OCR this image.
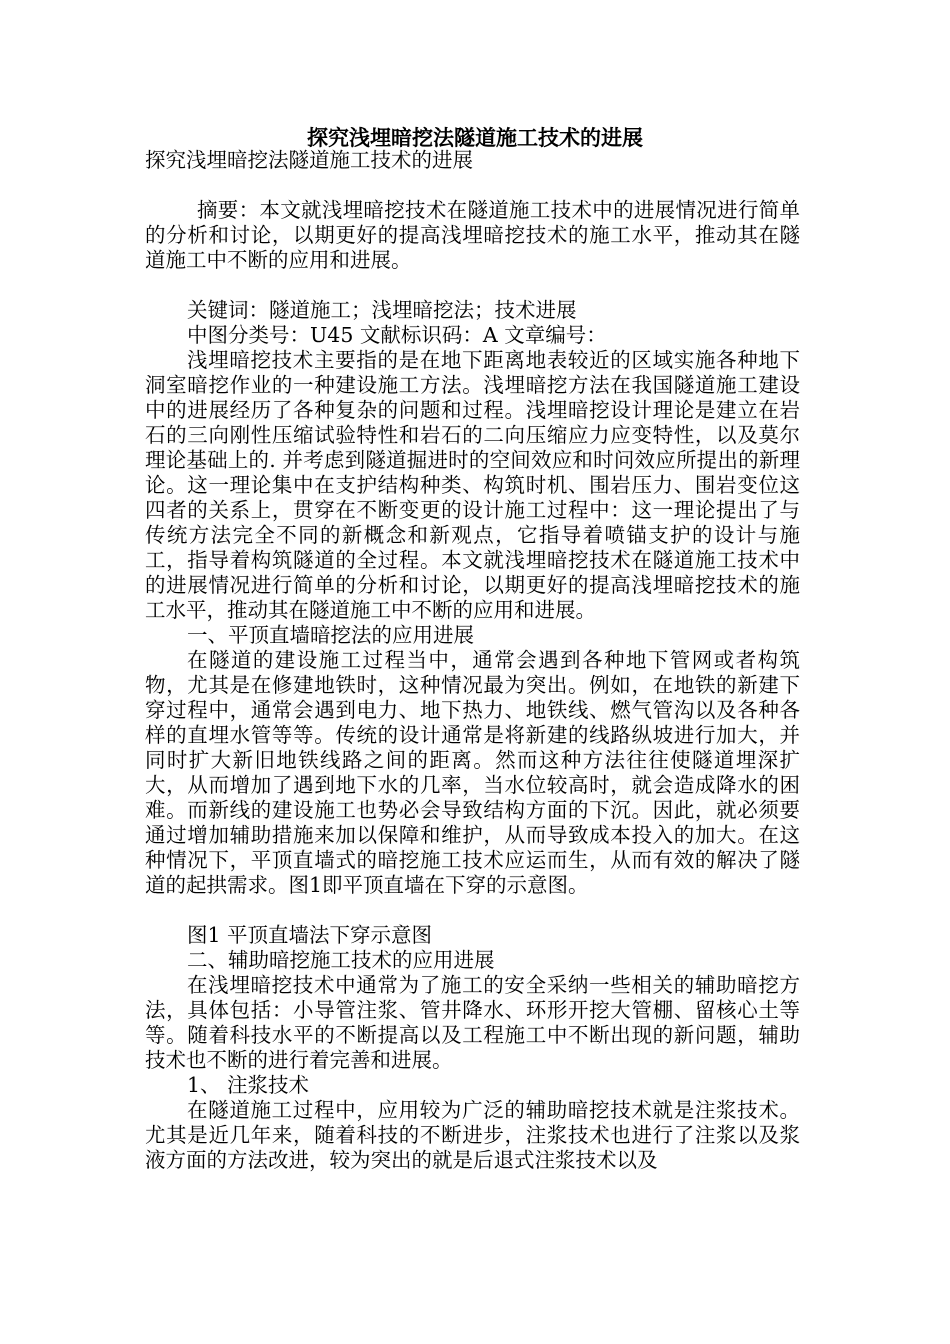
探究浅埋暗挖法隧道施工技术的进展

探究浅埋暗挖法隧道施工技术的进展

摘要：本文就浅埋暗挖技术在隧道施工技术中的进展情况进行简单的分析和讨论，以期更好的提高浅埋暗挖技术的施工水平，推动其在隧道施工中不断的应用和进展。

关键词：隧道施工；浅埋暗挖法；技术进展

中图分类号：U45 文献标识码：A 文章编号：

浅埋暗挖技术主要指的是在地下距离地表较近的区域实施各种地下洞室暗挖作业的一种建设施工方法。浅埋暗挖方法在我国隧道施工建设中的进展经历了各种复杂的问题和过程。浅埋暗挖设计理论是建立在岩石的三向刚性压缩试验特性和岩石的二向压缩应力应变特性，以及莫尔理论基础上的. 并考虑到隧道掘进时的空间效应和时问效应所提出的新理论。这一理论集中在支护结构种类、构筑时机、围岩压力、围岩变位这四者的关系上，贯穿在不断变更的设计施工过程中：这一理论提出了与传统方法完全不同的新概念和新观点，它指导着喷锚支护的设计与施工，指导着构筑隧道的全过程。本文就浅埋暗挖技术在隧道施工技术中的进展情况进行简单的分析和讨论，以期更好的提高浅埋暗挖技术的施工水平，推动其在隧道施工中不断的应用和进展。

一、平顶直墙暗挖法的应用进展

在隧道的建设施工过程当中，通常会遇到各种地下管网或者构筑物，尤其是在修建地铁时，这种情况最为突出。例如，在地铁的新建下穿过程中，通常会遇到电力、地下热力、地铁线、燃气管沟以及各种各样的直埋水管等等。传统的设计通常是将新建的线路纵坡进行加大，并同时扩大新旧地铁线路之间的距离。然而这种方法往往使隧道埋深扩大，从而增加了遇到地下水的几率，当水位较高时，就会造成降水的困难。而新线的建设施工也势必会导致结构方面的下沉。因此，就必须要通过增加辅助措施来加以保障和维护，从而导致成本投入的加大。在这种情况下，平顶直墙式的暗挖施工技术应运而生，从而有效的解决了隧道的起拱需求。图1即平顶直墙在下穿的示意图。

图1 平顶直墙法下穿示意图

二、辅助暗挖施工技术的应用进展

在浅埋暗挖技术中通常为了施工的安全采纳一些相关的辅助暗挖方法，具体包括：小导管注浆、管井降水、环形开挖大管棚、留核心土等等。随着科技水平的不断提高以及工程施工中不断出现的新问题，辅助技术也不断的进行着完善和进展。

1、 注浆技术

在隧道施工过程中，应用较为广泛的辅助暗挖技术就是注浆技术。尤其是近几年来，随着科技的不断进步，注浆技术也进行了注浆以及浆液方面的方法改进，较为突出的就是后退式注浆技术以及
